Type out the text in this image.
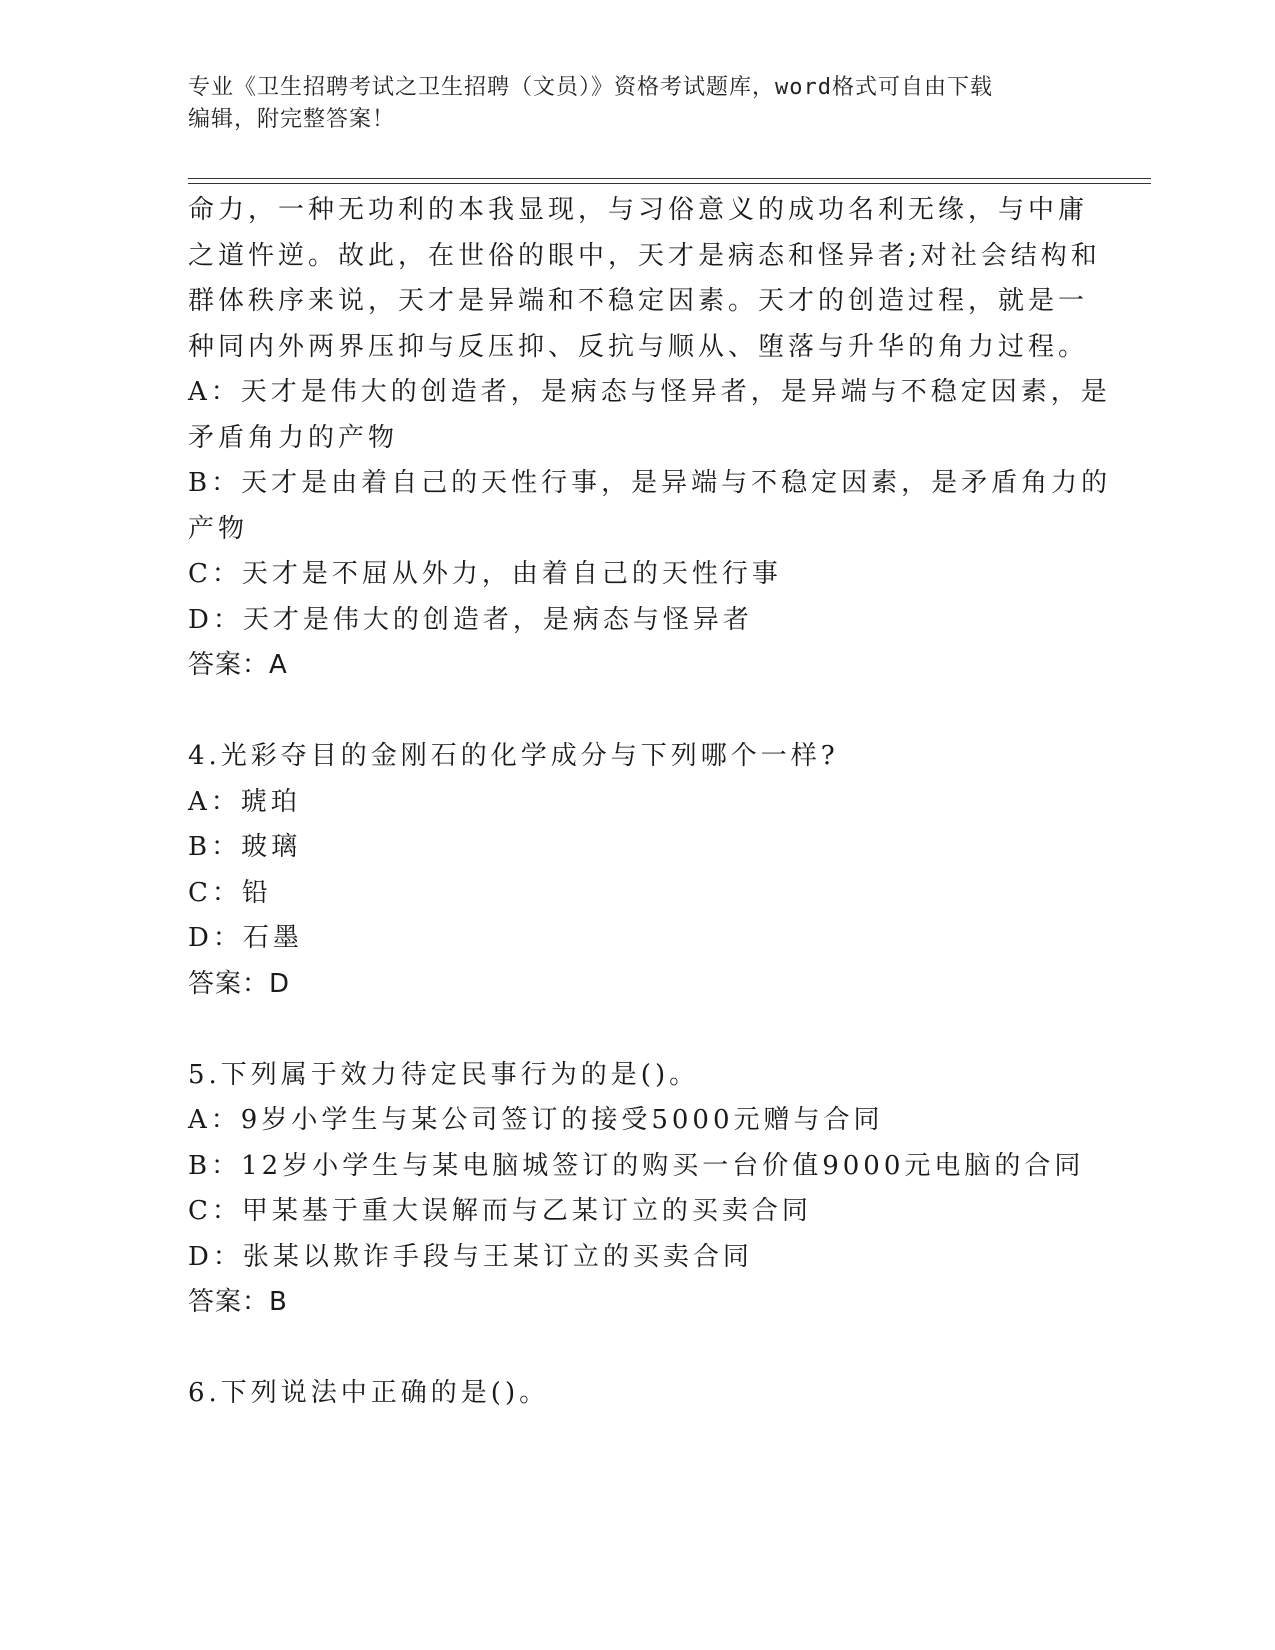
专业《卫生招聘考试之卫生招聘（文员）》资格考试题库，word格式可自由下载
编辑，附完整答案！
命力，一种无功利的本我显现，与习俗意义的成功名利无缘，与中庸
之道忤逆。故此，在世俗的眼中，天才是病态和怪异者;对社会结构和
群体秩序来说，天才是异端和不稳定因素。天才的创造过程，就是一
种同内外两界压抑与反压抑、反抗与顺从、堕落与升华的角力过程。
A：天才是伟大的创造者，是病态与怪异者，是异端与不稳定因素，是
矛盾角力的产物
B：天才是由着自己的天性行事，是异端与不稳定因素，是矛盾角力的
产物
C：天才是不屈从外力，由着自己的天性行事
D：天才是伟大的创造者，是病态与怪异者
答案：A
4.光彩夺目的金刚石的化学成分与下列哪个一样?
A：琥珀
B：玻璃
C：铅
D：石墨
答案：D
5.下列属于效力待定民事行为的是()。
A：9岁小学生与某公司签订的接受5000元赠与合同
B：12岁小学生与某电脑城签订的购买一台价值9000元电脑的合同
C：甲某基于重大误解而与乙某订立的买卖合同
D：张某以欺诈手段与王某订立的买卖合同
答案：B
6.下列说法中正确的是()。
